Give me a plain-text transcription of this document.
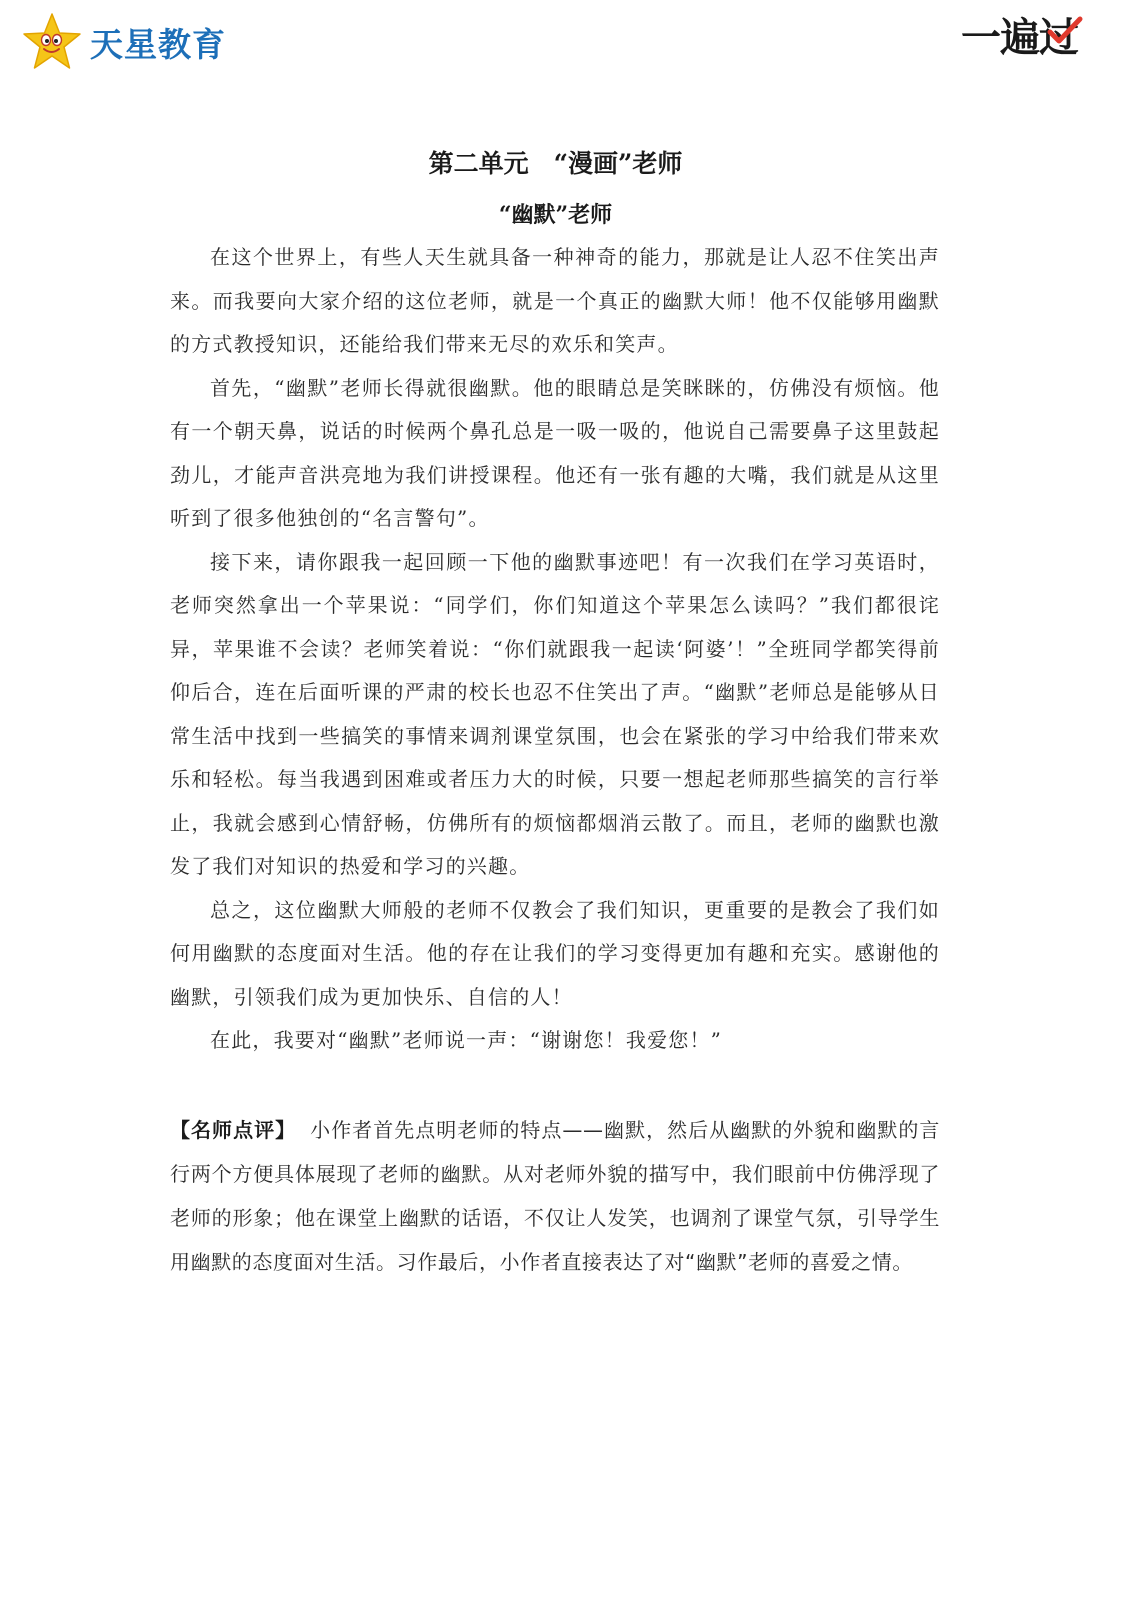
天星教育	一遍过
第二单元　“漫画”老师
“幽默”老师

在这个世界上，有些人天生就具备一种神奇的能力，那就是让人忍不住笑出声来。而我要向大家介绍的这位老师，就是一个真正的幽默大师！他不仅能够用幽默的方式教授知识，还能给我们带来无尽的欢乐和笑声。

首先，“幽默”老师长得就很幽默。他的眼睛总是笑眯眯的，仿佛没有烦恼。他有一个朝天鼻，说话的时候两个鼻孔总是一吸一吸的，他说自己需要鼻子这里鼓起劲儿，才能声音洪亮地为我们讲授课程。他还有一张有趣的大嘴，我们就是从这里听到了很多他独创的“名言警句”。

接下来，请你跟我一起回顾一下他的幽默事迹吧！有一次我们在学习英语时，老师突然拿出一个苹果说：“同学们，你们知道这个苹果怎么读吗？”我们都很诧异，苹果谁不会读？老师笑着说：“你们就跟我一起读‘阿婆’！”全班同学都笑得前仰后合，连在后面听课的严肃的校长也忍不住笑出了声。“幽默”老师总是能够从日常生活中找到一些搞笑的事情来调剂课堂氛围，也会在紧张的学习中给我们带来欢乐和轻松。每当我遇到困难或者压力大的时候，只要一想起老师那些搞笑的言行举止，我就会感到心情舒畅，仿佛所有的烦恼都烟消云散了。而且，老师的幽默也激发了我们对知识的热爱和学习的兴趣。

总之，这位幽默大师般的老师不仅教会了我们知识，更重要的是教会了我们如何用幽默的态度面对生活。他的存在让我们的学习变得更加有趣和充实。感谢他的幽默，引领我们成为更加快乐、自信的人！

在此，我要对“幽默”老师说一声：“谢谢您！我爱您！”

【名师点评】 小作者首先点明老师的特点——幽默，然后从幽默的外貌和幽默的言行两个方便具体展现了老师的幽默。从对老师外貌的描写中，我们眼前中仿佛浮现了老师的形象；他在课堂上幽默的话语，不仅让人发笑，也调剂了课堂气氛，引导学生用幽默的态度面对生活。习作最后，小作者直接表达了对“幽默”老师的喜爱之情。
